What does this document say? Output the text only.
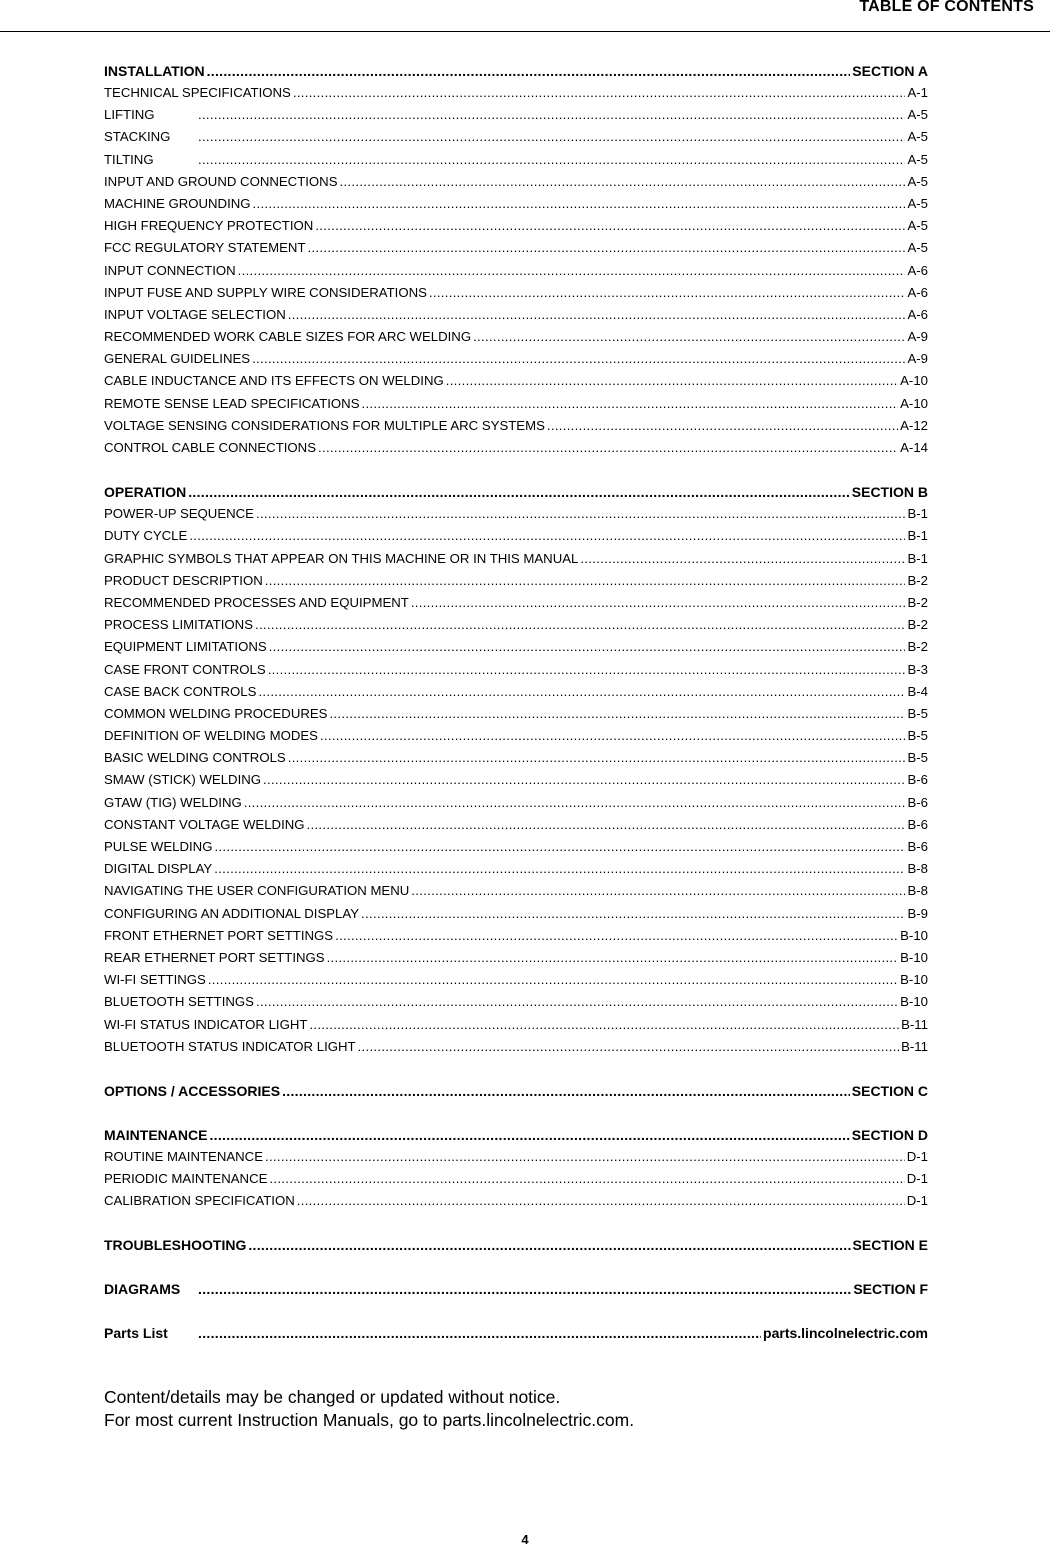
TABLE OF CONTENTS
INSTALLATION .....	SECTION A
TECHNICAL SPECIFICATIONS .....	A-1
LIFTING .....	A-5
STACKING .....	A-5
TILTING .....	A-5
INPUT AND GROUND CONNECTIONS .....	A-5
MACHINE GROUNDING .....	A-5
HIGH FREQUENCY PROTECTION .....	A-5
FCC REGULATORY STATEMENT .....	A-5
INPUT CONNECTION .....	A-6
INPUT FUSE AND SUPPLY WIRE CONSIDERATIONS .....	A-6
INPUT VOLTAGE SELECTION .....	A-6
RECOMMENDED WORK CABLE SIZES FOR ARC WELDING .....	A-9
GENERAL GUIDELINES .....	A-9
CABLE INDUCTANCE AND ITS EFFECTS ON WELDING .....	A-10
REMOTE SENSE LEAD SPECIFICATIONS .....	A-10
VOLTAGE SENSING CONSIDERATIONS FOR MULTIPLE ARC SYSTEMS .....	A-12
CONTROL CABLE CONNECTIONS .....	A-14
OPERATION .....	SECTION B
POWER-UP SEQUENCE .....	B-1
DUTY CYCLE .....	B-1
GRAPHIC SYMBOLS THAT APPEAR ON THIS MACHINE OR IN THIS MANUAL .....	B-1
PRODUCT DESCRIPTION .....	B-2
RECOMMENDED PROCESSES AND EQUIPMENT .....	B-2
PROCESS LIMITATIONS .....	B-2
EQUIPMENT LIMITATIONS .....	B-2
CASE FRONT CONTROLS .....	B-3
CASE BACK CONTROLS .....	B-4
COMMON WELDING PROCEDURES .....	B-5
DEFINITION OF WELDING MODES .....	B-5
BASIC WELDING CONTROLS .....	B-5
SMAW (STICK) WELDING .....	B-6
GTAW (TIG) WELDING .....	B-6
CONSTANT VOLTAGE WELDING .....	B-6
PULSE WELDING .....	B-6
DIGITAL DISPLAY .....	B-8
NAVIGATING THE USER CONFIGURATION MENU .....	B-8
CONFIGURING AN ADDITIONAL DISPLAY .....	B-9
FRONT ETHERNET PORT SETTINGS .....	B-10
REAR ETHERNET PORT SETTINGS .....	B-10
WI-FI SETTINGS .....	B-10
BLUETOOTH SETTINGS .....	B-10
WI-FI STATUS INDICATOR LIGHT .....	B-11
BLUETOOTH STATUS INDICATOR LIGHT .....	B-11
OPTIONS / ACCESSORIES .....	SECTION C
MAINTENANCE .....	SECTION D
ROUTINE MAINTENANCE .....	D-1
PERIODIC MAINTENANCE .....	D-1
CALIBRATION SPECIFICATION .....	D-1
TROUBLESHOOTING .....	SECTION E
DIAGRAMS .....	SECTION F
Parts List .....	parts.lincolnelectric.com
Content/details may be changed or updated without notice.
For most current Instruction Manuals, go to parts.lincolnelectric.com.
4
